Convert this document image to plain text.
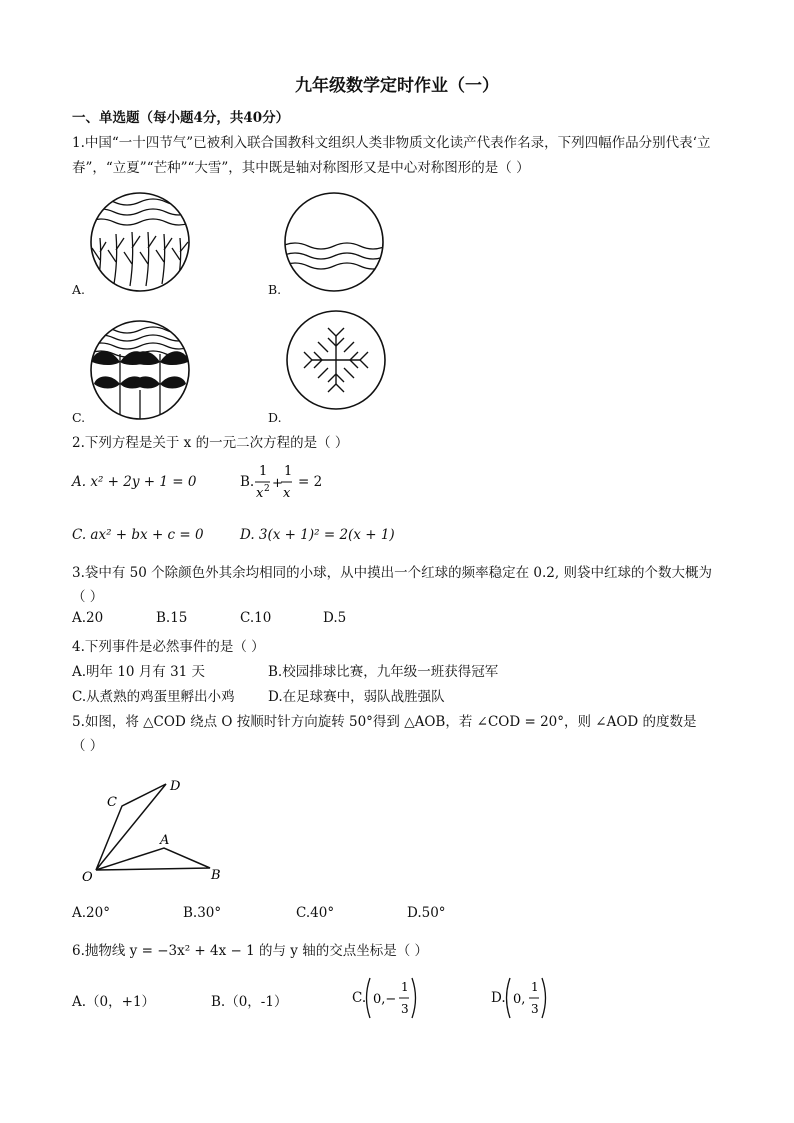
九年级数学定时作业（一）
一、单选题（每小题4分，共40分）
1.中国“一十四节气”已被利入联合国教科文组织人类非物质文化读产代表作名录，下列四幅作品分别代表‘立
春”，“立夏”“芒种”“大雪”，其中既是轴对称图形又是中心对称图形的是（ ）
A.	B.
C.	D.
2.下列方程是关于 x 的一元二次方程的是（ ）
A. x² + 2y + 1 = 0	B.
1
x 2 +
1
x
= 2
C. ax² + bx + c = 0	D. 3(x + 1)² = 2(x + 1)
3.袋中有 50 个除颜色外其余均相同的小球，从中摸出一个红球的频率稳定在 0.2, 则袋中红球的个数大概为
（ ）
A.20	B.15	C.10	D.5
4.下列事件是必然事件的是（ ）
A.明年 10 月有 31 天	B.校园排球比赛，九年级一班获得冠军
C.从煮熟的鸡蛋里孵出小鸡 D.在足球赛中，弱队战胜强队
5.如图，将 △COD 绕点 O 按顺时针方向旋转 50°得到 △AOB，若 ∠COD = 20°，则 ∠AOD 的度数是
（ ）
O
C
D
A
B
A.20°	B.30°	C.40°	D.50°
6.抛物线 y = −3x² + 4x − 1 的与 y 轴的交点坐标是（ ）
A.（0，+1）	B.（0，-1）	C. 0,−
1
3
D. 0,
1
3
